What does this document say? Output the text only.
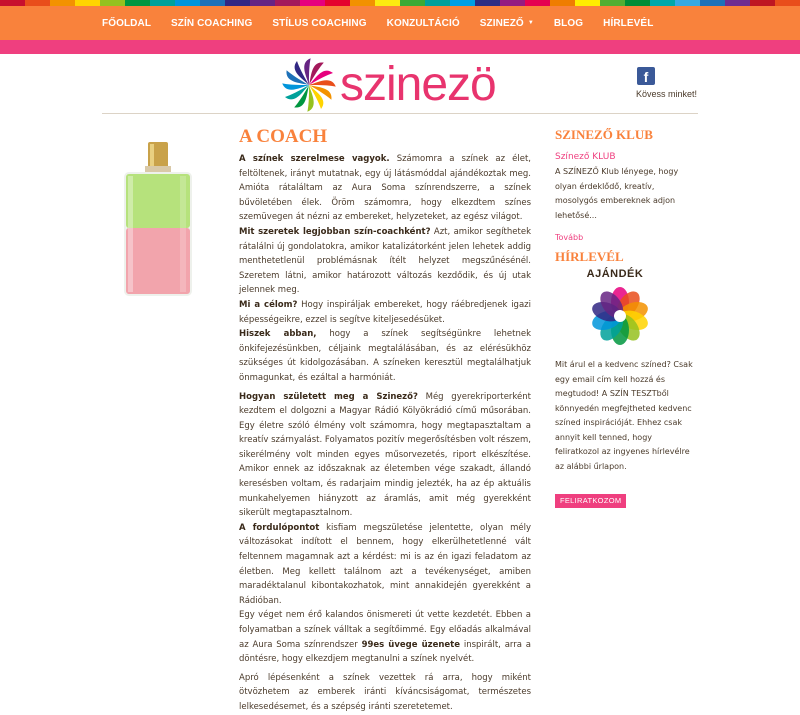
FŐOLDAL SZÍN COACHING STÍLUS COACHING KONZULTÁCIÓ SZINEZŐ ▼ BLOG HÍRLEVÉL
szinezö	f
Kövess minket!
A COACH

A színek szerelmese vagyok. Számomra a színek az élet, feltöltenek, irányt mutatnak, egy új látásmóddal ajándékoztak meg. Amióta rátaláltam az Aura Soma színrendszerre, a színek bűvöletében élek. Öröm számomra, hogy elkezdtem színes szemüvegen át nézni az embereket, helyzeteket, az egész világot.

Mit szeretek legjobban szín-coachként? Azt, amikor segíthetek rátalálni új gondolatokra, amikor katalizátorként jelen lehetek addig menthetetlenül problémásnak ítélt helyzet megszűnésénél. Szeretem látni, amikor határozott változás kezdődik, és új utak jelennek meg.

Mi a célom? Hogy inspiráljak embereket, hogy ráébredjenek igazi képességeikre, ezzel is segítve kiteljesedésüket.

Hiszek abban, hogy a színek segítségünkre lehetnek önkifejezésünkben, céljaink megtalálásában, és az elérésükhöz szükséges út kidolgozásában. A színeken keresztül megtalálhatjuk önmagunkat, és ezáltal a harmóniát.

Hogyan született meg a Szinező? Még gyerekriporterként kezdtem el dolgozni a Magyar Rádió Kölyökrádió című műsorában. Egy életre szóló élmény volt számomra, hogy megtapasztaltam a kreatív szárnyalást. Folyamatos pozitív megerősítésben volt részem, sikerélmény volt minden egyes műsorvezetés, riport elkészítése. Amikor ennek az időszaknak az életemben vége szakadt, állandó keresésben voltam, és radarjaim mindig jelezték, ha az ép aktuális munkahelyemen hiányzott az áramlás, amit még gyerekként sikerült megtapasztalnom.

A fordulópontot kisfiam megszületése jelentette, olyan mély változásokat indított el bennem, hogy elkerülhetetlenné vált feltennem magamnak azt a kérdést: mi is az én igazi feladatom az életben. Meg kellett találnom azt a tevékenységet, amiben maradéktalanul kibontakozhatok, mint annakidején gyerekként a Rádióban.

Egy véget nem érő kalandos önismereti út vette kezdetét. Ebben a folyamatban a színek válltak a segítőimmé. Egy előadás alkalmával az Aura Soma színrendszer 99es üvege üzenete inspirált, arra a döntésre, hogy elkezdjem megtanulni a színek nyelvét.

Apró lépésenként a színek vezettek rá arra, hogy miként ötvözhetem az emberek iránti kíváncsiságomat, természetes lelkesedésemet, és a szépség iránti szeretetemet.

SZINEZŐ KLUB
Színező KLUB

A SZÍNEZŐ Klub lényege, hogy olyan érdeklődő, kreatív, mosolygós embereknek adjon lehetősé...

Tovább
HÍRLEVÉL
AJÁNDÉK

Mit árul el a kedvenc színed? Csak egy email cím kell hozzá és megtudod! A SZÍN TESZTből könnyedén megfejtheted kedvenc színed inspirációját. Ehhez csak annyit kell tenned, hogy feliratkozol az ingyenes hírlevélre az alábbi űrlapon.

FELIRATKOZOM
